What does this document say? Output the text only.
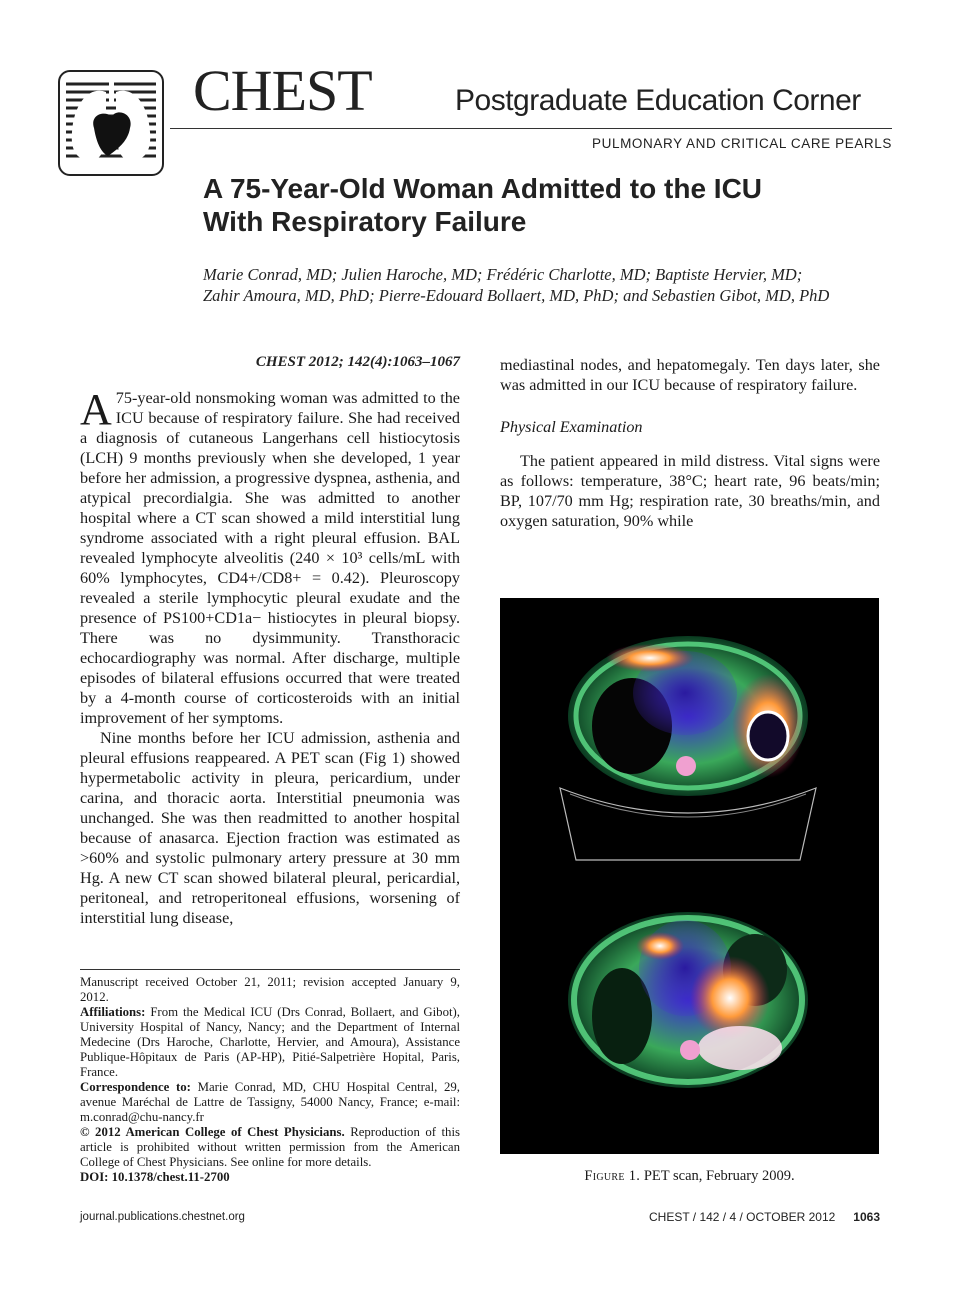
CHEST	Postgraduate Education Corner
PULMONARY AND CRITICAL CARE PEARLS
A 75-Year-Old Woman Admitted to the ICU
With Respiratory Failure
Marie Conrad, MD; Julien Haroche, MD; Frédéric Charlotte, MD; Baptiste Hervier, MD;
Zahir Amoura, MD, PhD; Pierre-Edouard Bollaert, MD, PhD; and Sebastien Gibot, MD, PhD
CHEST 2012; 142(4):1063–1067

A 75-year-old nonsmoking woman was admitted to the ICU because of respiratory failure. She had received a diagnosis of cutaneous Langerhans cell histiocytosis (LCH) 9 months previously when she developed, 1 year before her admission, a progressive dyspnea, asthenia, and atypical precordialgia. She was admitted to another hospital where a CT scan showed a mild interstitial lung syndrome associated with a right pleural effusion. BAL revealed lymphocyte alveolitis (240 × 10³ cells/mL with 60% lymphocytes, CD4+/CD8+ = 0.42). Pleuroscopy revealed a sterile lymphocytic pleural exudate and the presence of PS100+CD1a− histiocytes in pleural biopsy. There was no dysimmunity. Transthoracic echocardiography was normal. After discharge, multiple episodes of bilateral effusions occurred that were treated by a 4-month course of corticosteroids with an initial improvement of her symptoms.

Nine months before her ICU admission, asthenia and pleural effusions reappeared. A PET scan (Fig 1) showed hypermetabolic activity in pleura, pericardium, under carina, and thoracic aorta. Interstitial pneumonia was unchanged. She was then readmitted to another hospital because of anasarca. Ejection fraction was estimated as >60% and systolic pulmonary artery pressure at 30 mm Hg. A new CT scan showed bilateral pleural, pericardial, peritoneal, and retroperitoneal effusions, worsening of interstitial lung disease,

Manuscript received October 21, 2011; revision accepted January 9, 2012.

Affiliations: From the Medical ICU (Drs Conrad, Bollaert, and Gibot), University Hospital of Nancy, Nancy; and the Department of Internal Medecine (Drs Haroche, Charlotte, Hervier, and Amoura), Assistance Publique-Hôpitaux de Paris (AP-HP), Pitié-Salpetrière Hopital, Paris, France.

Correspondence to: Marie Conrad, MD, CHU Hospital Central, 29, avenue Maréchal de Lattre de Tassigny, 54000 Nancy, France; e-mail: m.conrad@chu-nancy.fr

© 2012 American College of Chest Physicians. Reproduction of this article is prohibited without written permission from the American College of Chest Physicians. See online for more details.

DOI: 10.1378/chest.11-2700

mediastinal nodes, and hepatomegaly. Ten days later, she was admitted in our ICU because of respiratory failure.

Physical Examination

The patient appeared in mild distress. Vital signs were as follows: temperature, 38°C; heart rate, 96 beats/min; BP, 107/70 mm Hg; respiration rate, 30 breaths/min, and oxygen saturation, 90% while

Figure 1. PET scan, February 2009.
journal.publications.chestnet.org	CHEST / 142 / 4 / OCTOBER 2012 1063
